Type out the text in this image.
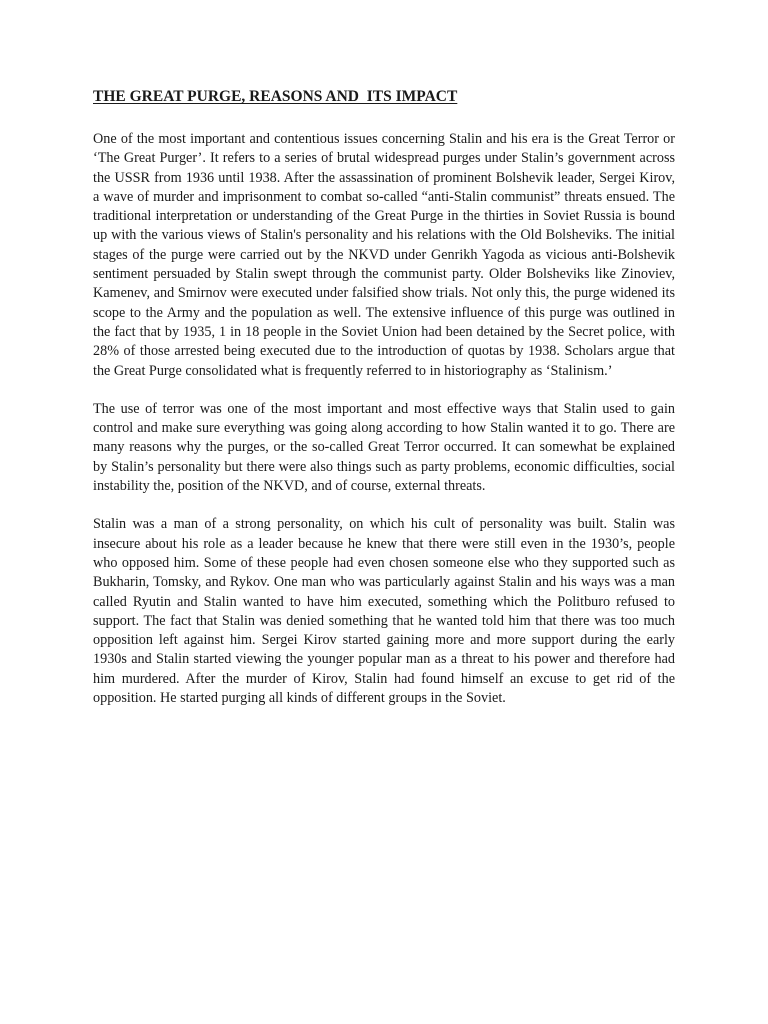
THE GREAT PURGE, REASONS AND  ITS IMPACT

One of the most important and contentious issues concerning Stalin and his era is the Great Terror or ‘The Great Purger’. It refers to a series of brutal widespread purges under Stalin’s government across the USSR from 1936 until 1938. After the assassination of prominent Bolshevik leader, Sergei Kirov, a wave of murder and imprisonment to combat so-called “anti-Stalin communist” threats ensued. The traditional interpretation or understanding of the Great Purge in the thirties in Soviet Russia is bound up with the various views of Stalin's personality and his relations with the Old Bolsheviks. The initial stages of the purge were carried out by the NKVD under Genrikh Yagoda as vicious anti-Bolshevik sentiment persuaded by Stalin swept through the communist party. Older Bolsheviks like Zinoviev, Kamenev, and Smirnov were executed under falsified show trials. Not only this, the purge widened its scope to the Army and the population as well. The extensive influence of this purge was outlined in the fact that by 1935, 1 in 18 people in the Soviet Union had been detained by the Secret police, with 28% of those arrested being executed due to the introduction of quotas by 1938. Scholars argue that the Great Purge consolidated what is frequently referred to in historiography as ‘Stalinism.’

The use of terror was one of the most important and most effective ways that Stalin used to gain control and make sure everything was going along according to how Stalin wanted it to go. There are many reasons why the purges, or the so-called Great Terror occurred. It can somewhat be explained by Stalin’s personality but there were also things such as party problems, economic difficulties, social instability the, position of the NKVD, and of course, external threats.

Stalin was a man of a strong personality, on which his cult of personality was built. Stalin was insecure about his role as a leader because he knew that there were still even in the 1930’s, people who opposed him. Some of these people had even chosen someone else who they supported such as Bukharin, Tomsky, and Rykov. One man who was particularly against Stalin and his ways was a man called Ryutin and Stalin wanted to have him executed, something which the Politburo refused to support. The fact that Stalin was denied something that he wanted told him that there was too much opposition left against him. Sergei Kirov started gaining more and more support during the early 1930s and Stalin started viewing the younger popular man as a threat to his power and therefore had him murdered. After the murder of Kirov, Stalin had found himself an excuse to get rid of the opposition. He started purging all kinds of different groups in the Soviet.
